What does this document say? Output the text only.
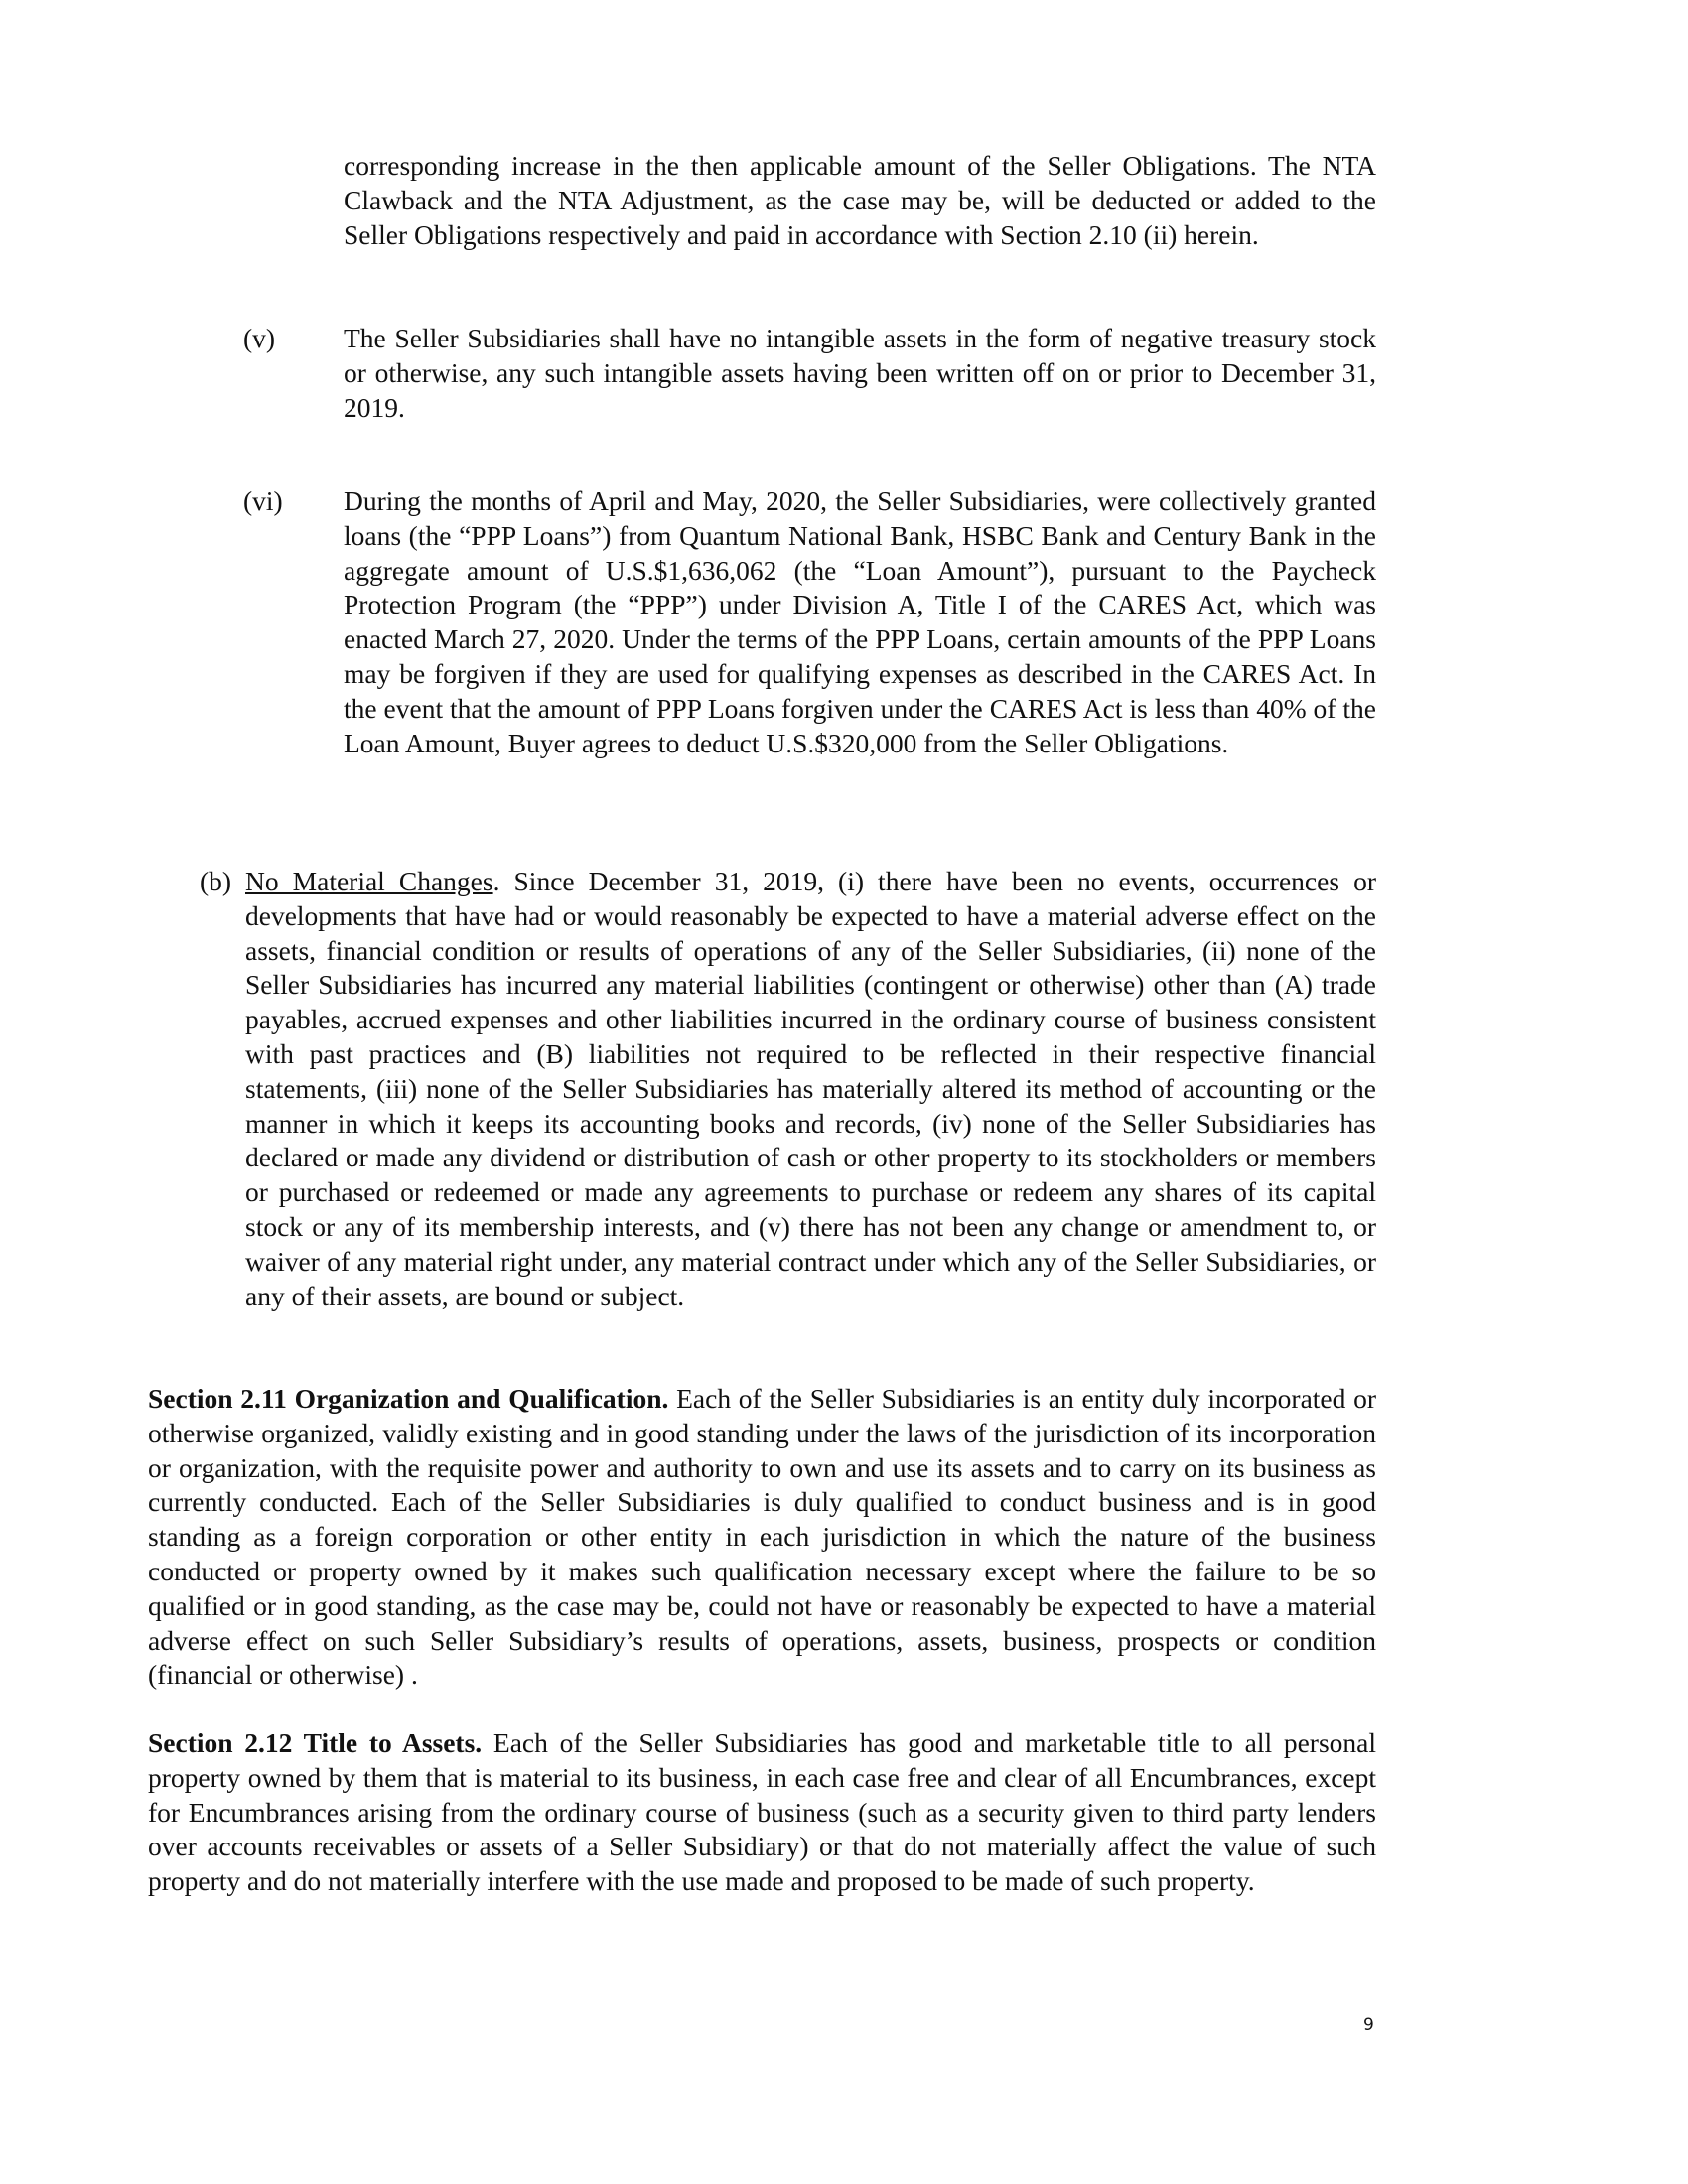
corresponding increase in the then applicable amount of the Seller Obligations. The NTA Clawback and the NTA Adjustment, as the case may be, will be deducted or added to the Seller Obligations respectively and paid in accordance with Section 2.10 (ii) herein.
(v)	The Seller Subsidiaries shall have no intangible assets in the form of negative treasury stock or otherwise, any such intangible assets having been written off on or prior to December 31, 2019.
(vi) During the months of April and May, 2020, the Seller Subsidiaries, were collectively granted loans (the “PPP Loans”) from Quantum National Bank, HSBC Bank and Century Bank in the aggregate amount of U.S.$1,636,062 (the “Loan Amount”), pursuant to the Paycheck Protection Program (the “PPP”) under Division A, Title I of the CARES Act, which was enacted March 27, 2020. Under the terms of the PPP Loans, certain amounts of the PPP Loans may be forgiven if they are used for qualifying expenses as described in the CARES Act. In the event that the amount of PPP Loans forgiven under the CARES Act is less than 40% of the Loan Amount, Buyer agrees to deduct U.S.$320,000 from the Seller Obligations.
(b) No Material Changes. Since December 31, 2019, (i) there have been no events, occurrences or developments that have had or would reasonably be expected to have a material adverse effect on the assets, financial condition or results of operations of any of the Seller Subsidiaries, (ii) none of the Seller Subsidiaries has incurred any material liabilities (contingent or otherwise) other than (A) trade payables, accrued expenses and other liabilities incurred in the ordinary course of business consistent with past practices and (B) liabilities not required to be reflected in their respective financial statements, (iii) none of the Seller Subsidiaries has materially altered its method of accounting or the manner in which it keeps its accounting books and records, (iv) none of the Seller Subsidiaries has declared or made any dividend or distribution of cash or other property to its stockholders or members or purchased or redeemed or made any agreements to purchase or redeem any shares of its capital stock or any of its membership interests, and (v) there has not been any change or amendment to, or waiver of any material right under, any material contract under which any of the Seller Subsidiaries, or any of their assets, are bound or subject.
Section 2.11 Organization and Qualification. Each of the Seller Subsidiaries is an entity duly incorporated or otherwise organized, validly existing and in good standing under the laws of the jurisdiction of its incorporation or organization, with the requisite power and authority to own and use its assets and to carry on its business as currently conducted. Each of the Seller Subsidiaries is duly qualified to conduct business and is in good standing as a foreign corporation or other entity in each jurisdiction in which the nature of the business conducted or property owned by it makes such qualification necessary except where the failure to be so qualified or in good standing, as the case may be, could not have or reasonably be expected to have a material adverse effect on such Seller Subsidiary’s results of operations, assets, business, prospects or condition (financial or otherwise) .
Section 2.12 Title to Assets. Each of the Seller Subsidiaries has good and marketable title to all personal property owned by them that is material to its business, in each case free and clear of all Encumbrances, except for Encumbrances arising from the ordinary course of business (such as a security given to third party lenders over accounts receivables or assets of a Seller Subsidiary) or that do not materially affect the value of such property and do not materially interfere with the use made and proposed to be made of such property.
9
